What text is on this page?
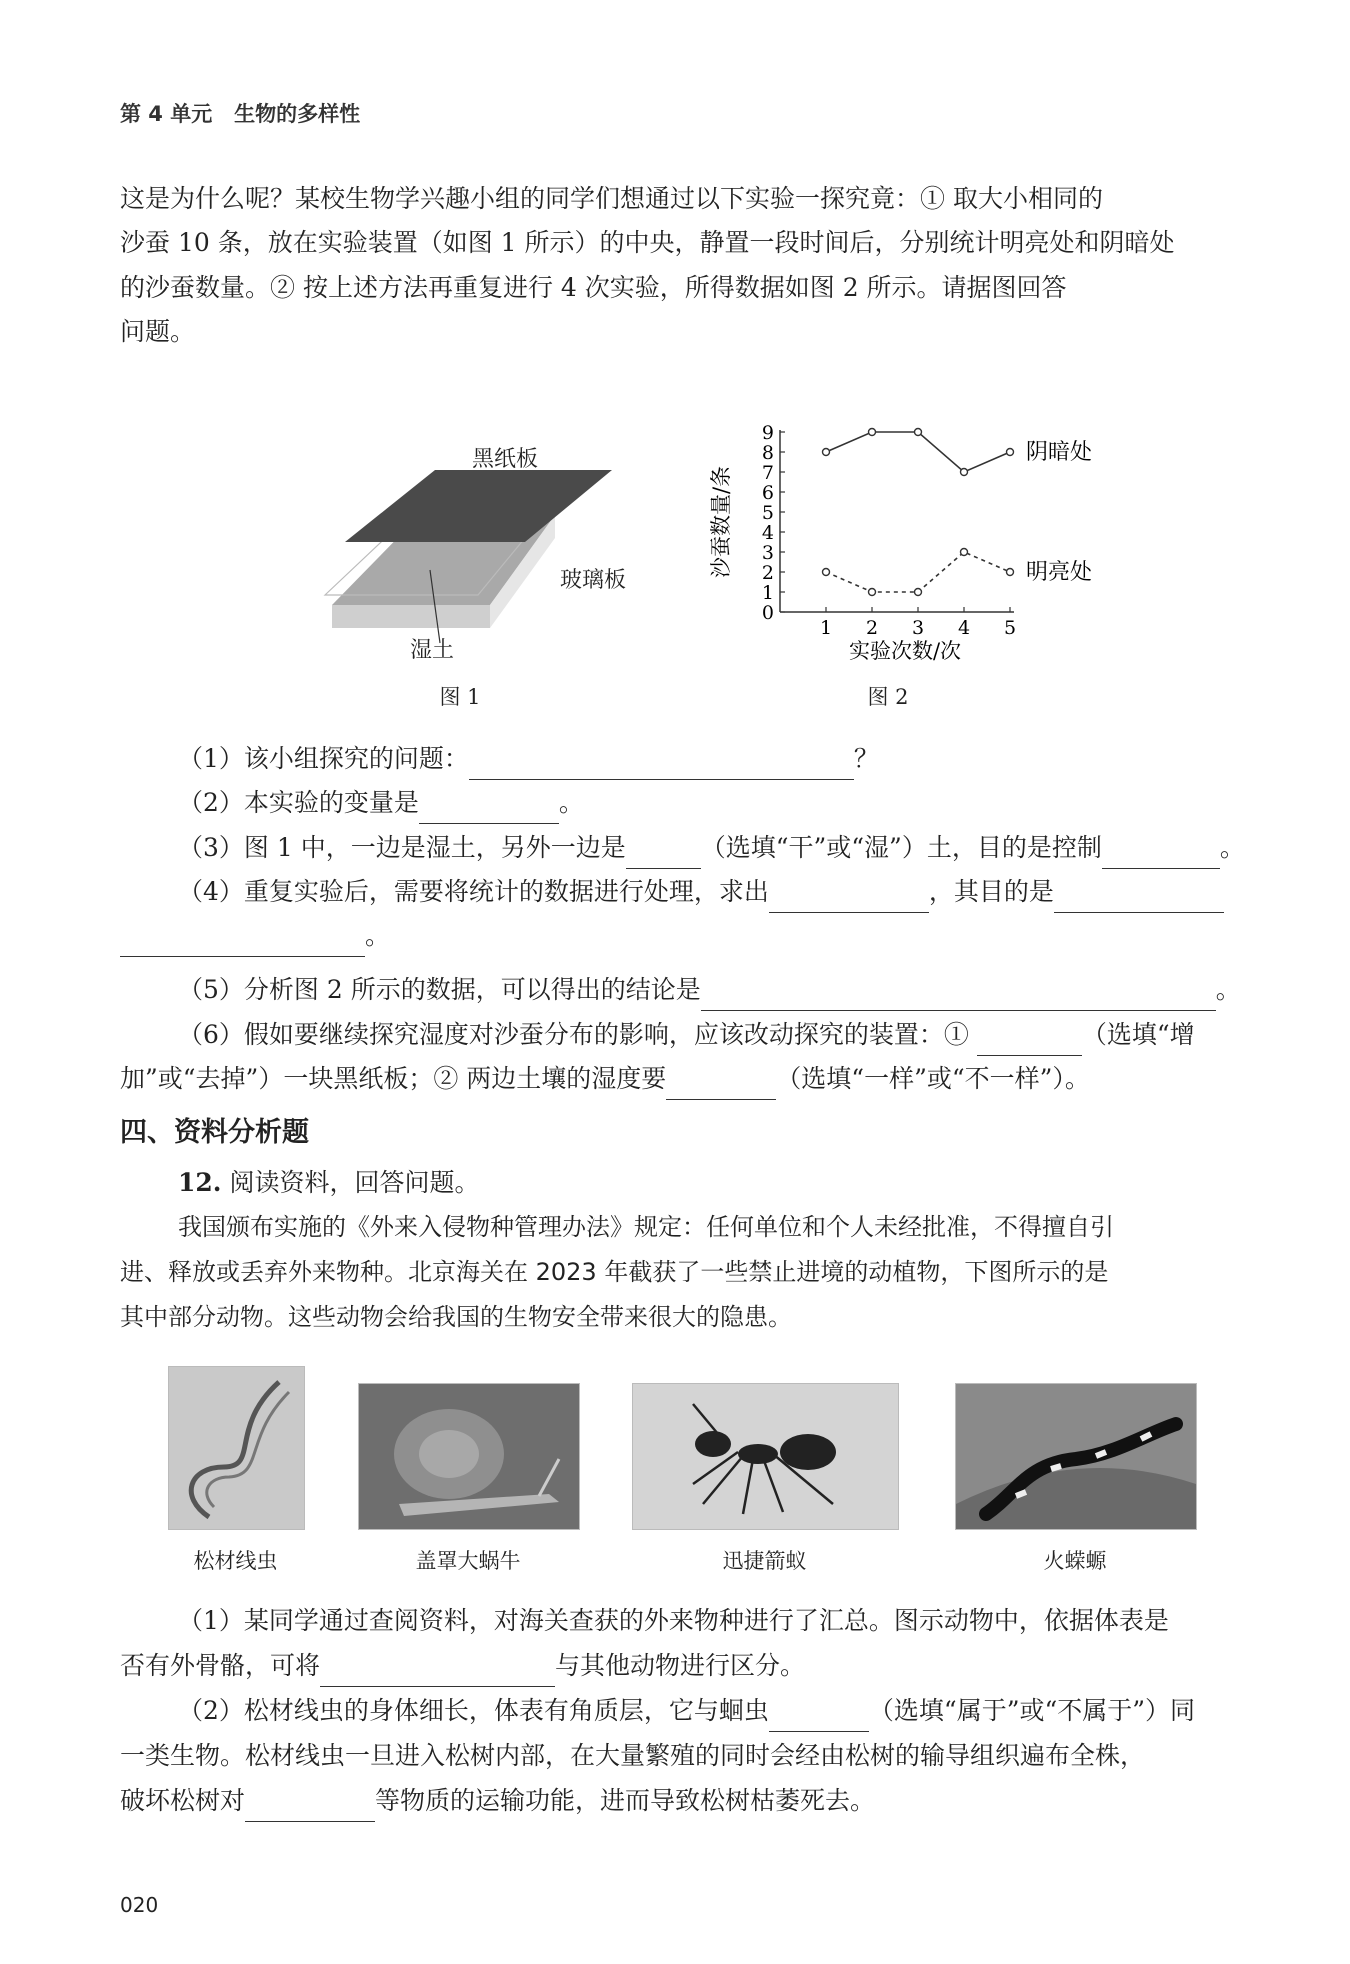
第 4 单元 生物的多样性
这是为什么呢？某校生物学兴趣小组的同学们想通过以下实验一探究竟：① 取大小相同的
沙蚕 10 条，放在实验装置（如图 1 所示）的中央，静置一段时间后，分别统计明亮处和阴暗处
的沙蚕数量。② 按上述方法再重复进行 4 次实验，所得数据如图 2 所示。请据图回答
问题。
黑纸板
玻璃板
湿土
图 1
0
1
2
3
4
5
6
7
8
9
1 2 3 4 5
沙蚕数量/条
实验次数/次
阴暗处
明亮处
图 2
（1）该小组探究的问题：	？
（2）本实验的变量是	。
（3）图 1 中，一边是湿土，另外一边是	（选填“干”或“湿”）土，目的是控制	。
（4）重复实验后，需要将统计的数据进行处理，求出	，其目的是
。
（5）分析图 2 所示的数据，可以得出的结论是	。
（6）假如要继续探究湿度对沙蚕分布的影响，应该改动探究的装置：①	（选填“增
加”或“去掉”）一块黑纸板；② 两边土壤的湿度要	（选填“一样”或“不一样”）。
四、资料分析题
12. 阅读资料，回答问题。
我国颁布实施的《外来入侵物种管理办法》规定：任何单位和个人未经批准，不得擅自引
进、释放或丢弃外来物种。北京海关在 2023 年截获了一些禁止进境的动植物，下图所示的是
其中部分动物。这些动物会给我国的生物安全带来很大的隐患。
松材线虫	盖罩大蜗牛	迅捷箭蚁	火蝾螈
（1）某同学通过查阅资料，对海关查获的外来物种进行了汇总。图示动物中，依据体表是
否有外骨骼，可将	与其他动物进行区分。
（2）松材线虫的身体细长，体表有角质层，它与蛔虫	（选填“属于”或“不属于”）同
一类生物。松材线虫一旦进入松树内部，在大量繁殖的同时会经由松树的输导组织遍布全株，
破坏松树对	等物质的运输功能，进而导致松树枯萎死去。
020
